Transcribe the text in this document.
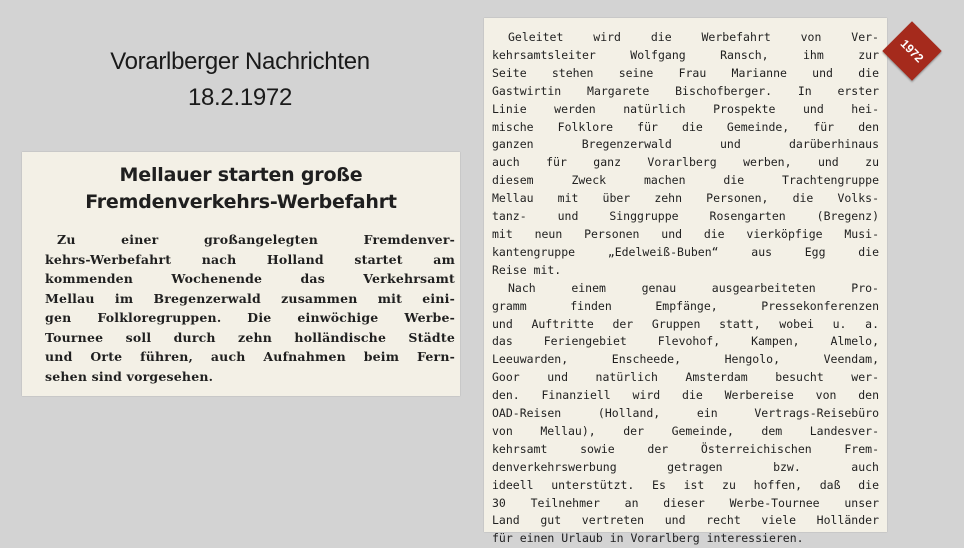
Vorarlberger Nachrichten
18.2.1972
Mellauer starten große
Fremdenverkehrs-Werbefahrt
Zu einer großangelegten Fremdenver-
kehrs-Werbefahrt nach Holland startet am
kommenden Wochenende das Verkehrsamt
Mellau im Bregenzerwald zusammen mit eini-
gen Folkloregruppen. Die einwöchige Werbe-
Tournee soll durch zehn holländische Städte
und Orte führen, auch Aufnahmen beim Fern-
sehen sind vorgesehen.
Geleitet wird die Werbefahrt von Ver-
kehrsamtsleiter Wolfgang Ransch, ihm zur
Seite stehen seine Frau Marianne und die
Gastwirtin Margarete Bischofberger. In erster
Linie werden natürlich Prospekte und hei-
mische Folklore für die Gemeinde, für den
ganzen Bregenzerwald und darüberhinaus
auch für ganz Vorarlberg werben, und zu
diesem Zweck machen die Trachtengruppe
Mellau mit über zehn Personen, die Volks-
tanz- und Singgruppe Rosengarten (Bregenz)
mit neun Personen und die vierköpfige Musi-
kantengruppe „Edelweiß-Buben“ aus Egg die
Reise mit.
Nach einem genau ausgearbeiteten Pro-
gramm finden Empfänge, Pressekonferenzen
und Auftritte der Gruppen statt, wobei u. a.
das Feriengebiet Flevohof, Kampen, Almelo,
Leeuwarden, Enscheede, Hengolo, Veendam,
Goor und natürlich Amsterdam besucht wer-
den. Finanziell wird die Werbereise von den
OAD-Reisen (Holland, ein Vertrags-Reisebüro
von Mellau), der Gemeinde, dem Landesver-
kehrsamt sowie der Österreichischen Frem-
denverkehrswerbung getragen bzw. auch
ideell unterstützt. Es ist zu hoffen, daß die
30 Teilnehmer an dieser Werbe-Tournee unser
Land gut vertreten und recht viele Holländer
für einen Urlaub in Vorarlberg interessieren.
1972
